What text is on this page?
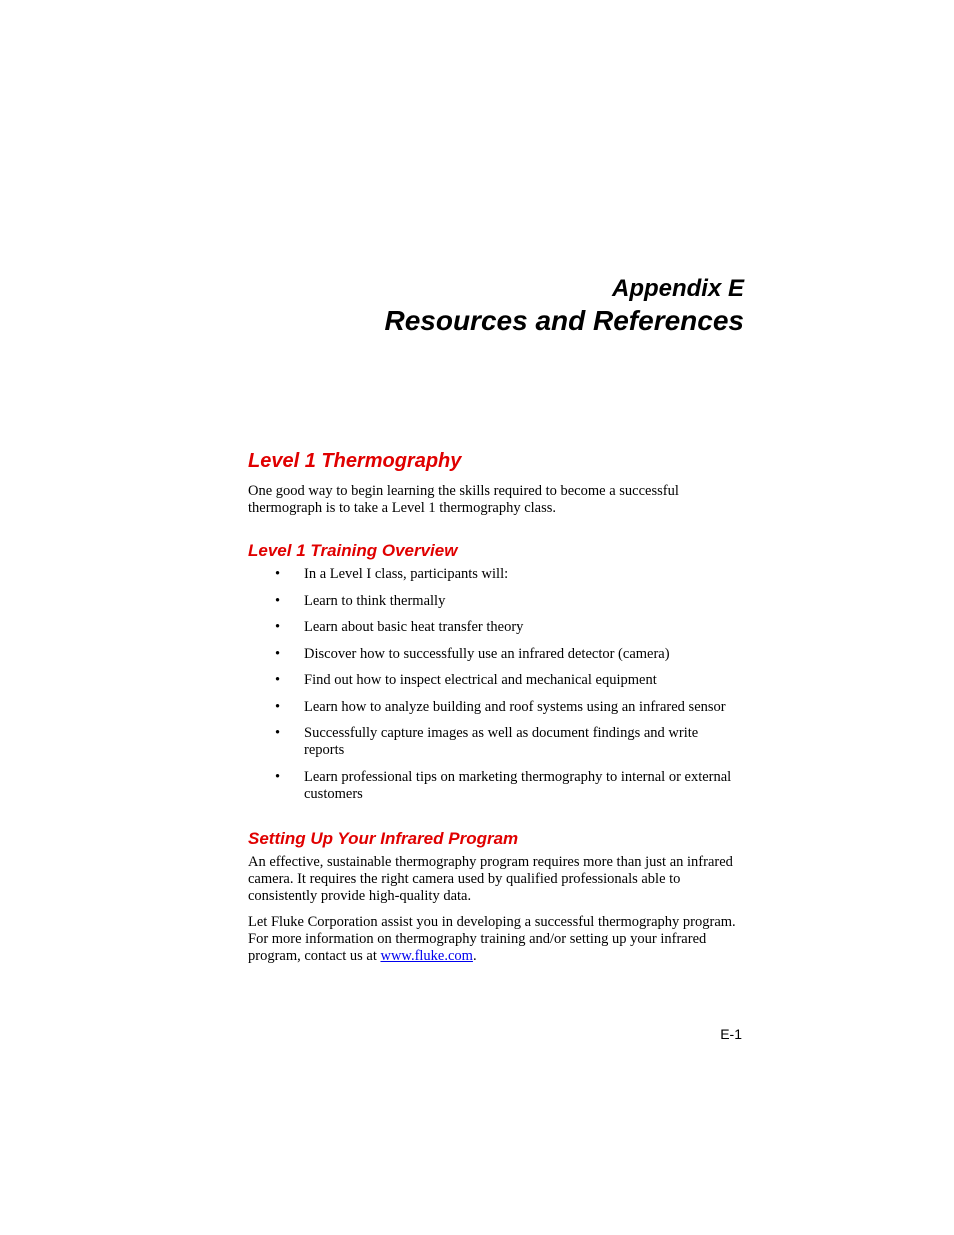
Appendix E
Resources and References
Level 1 Thermography

One good way to begin learning the skills required to become a successful thermograph is to take a Level 1 thermography class.

Level 1 Training Overview
• In a Level I class, participants will:
• Learn to think thermally
• Learn about basic heat transfer theory
• Discover how to successfully use an infrared detector (camera)
• Find out how to inspect electrical and mechanical equipment
• Learn how to analyze building and roof systems using an infrared sensor
• Successfully capture images as well as document findings and write reports
• Learn professional tips on marketing thermography to internal or external customers
Setting Up Your Infrared Program

An effective, sustainable thermography program requires more than just an infrared camera. It requires the right camera used by qualified professionals able to consistently provide high-quality data.

Let Fluke Corporation assist you in developing a successful thermography program. For more information on thermography training and/or setting up your infrared program, contact us at www.fluke.com.

E-1
